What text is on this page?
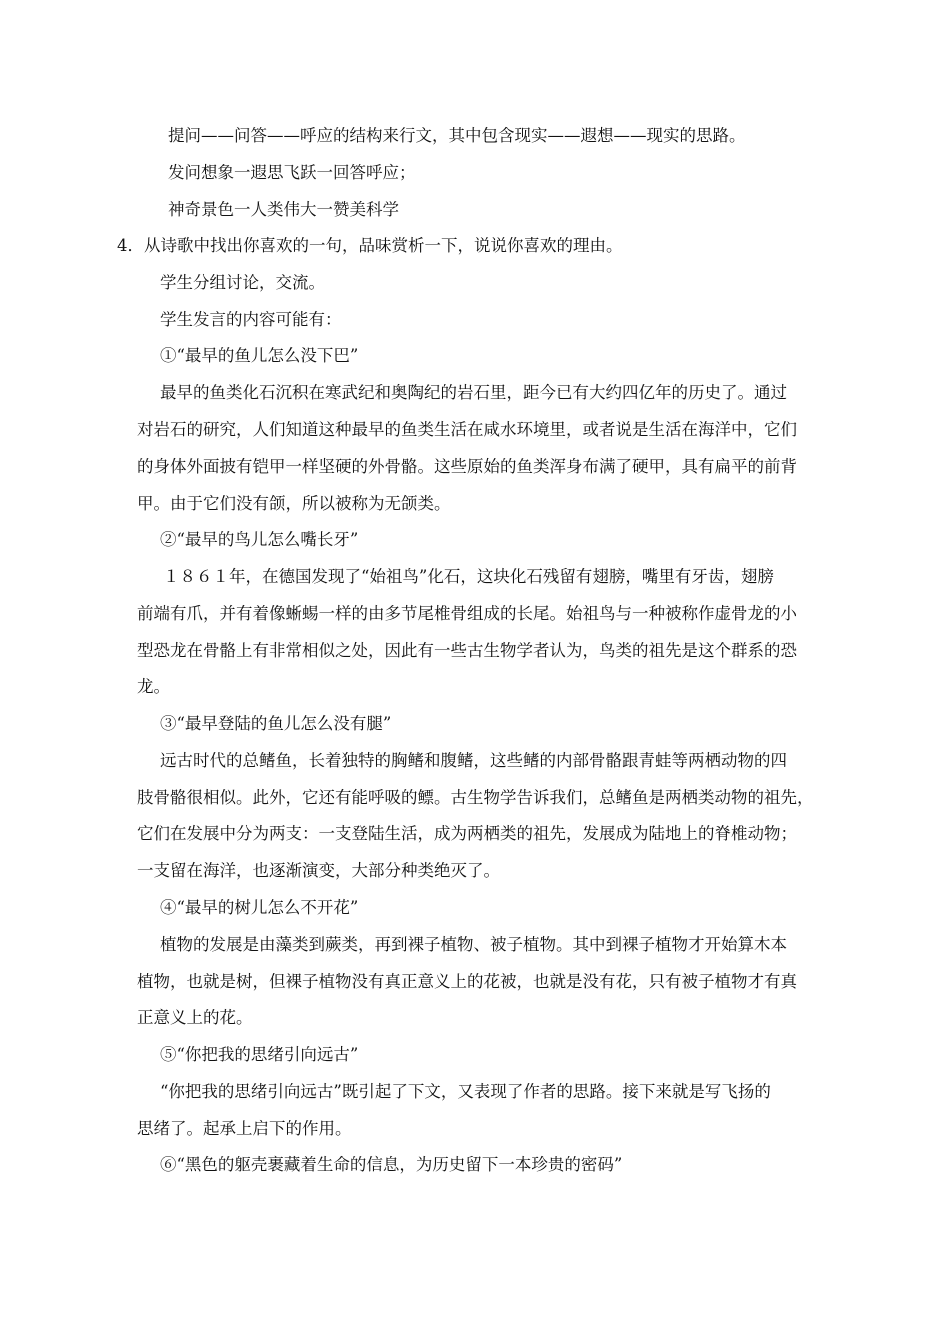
提问——问答——呼应的结构来行文，其中包含现实——遐想——现实的思路。
发问想象一遐思飞跃一回答呼应；
神奇景色一人类伟大一赞美科学
4．从诗歌中找出你喜欢的一句，品味赏析一下，说说你喜欢的理由。
学生分组讨论，交流。
学生发言的内容可能有：
①“最早的鱼儿怎么没下巴”
最早的鱼类化石沉积在寒武纪和奥陶纪的岩石里，距今已有大约四亿年的历史了。通过
对岩石的研究，人们知道这种最早的鱼类生活在咸水环境里，或者说是生活在海洋中，它们
的身体外面披有铠甲一样坚硬的外骨骼。这些原始的鱼类浑身布满了硬甲，具有扁平的前背
甲。由于它们没有颌，所以被称为无颌类。
②“最早的鸟儿怎么嘴长牙”
１８６１年，在德国发现了“始祖鸟”化石，这块化石残留有翅膀，嘴里有牙齿，翅膀
前端有爪，并有着像蜥蜴一样的由多节尾椎骨组成的长尾。始祖鸟与一种被称作虚骨龙的小
型恐龙在骨骼上有非常相似之处，因此有一些古生物学者认为，鸟类的祖先是这个群系的恐
龙。
③“最早登陆的鱼儿怎么没有腿”
远古时代的总鳍鱼，长着独特的胸鳍和腹鳍，这些鳍的内部骨骼跟青蛙等两栖动物的四
肢骨骼很相似。此外，它还有能呼吸的鳔。古生物学告诉我们，总鳍鱼是两栖类动物的祖先，
它们在发展中分为两支：一支登陆生活，成为两栖类的祖先，发展成为陆地上的脊椎动物；
一支留在海洋，也逐渐演变，大部分种类绝灭了。
④“最早的树儿怎么不开花”
植物的发展是由藻类到蕨类，再到裸子植物、被子植物。其中到裸子植物才开始算木本
植物，也就是树，但裸子植物没有真正意义上的花被，也就是没有花，只有被子植物才有真
正意义上的花。
⑤“你把我的思绪引向远古”
“你把我的思绪引向远古”既引起了下文，又表现了作者的思路。接下来就是写飞扬的
思绪了。起承上启下的作用。
⑥“黑色的躯壳裹藏着生命的信息，为历史留下一本珍贵的密码”
